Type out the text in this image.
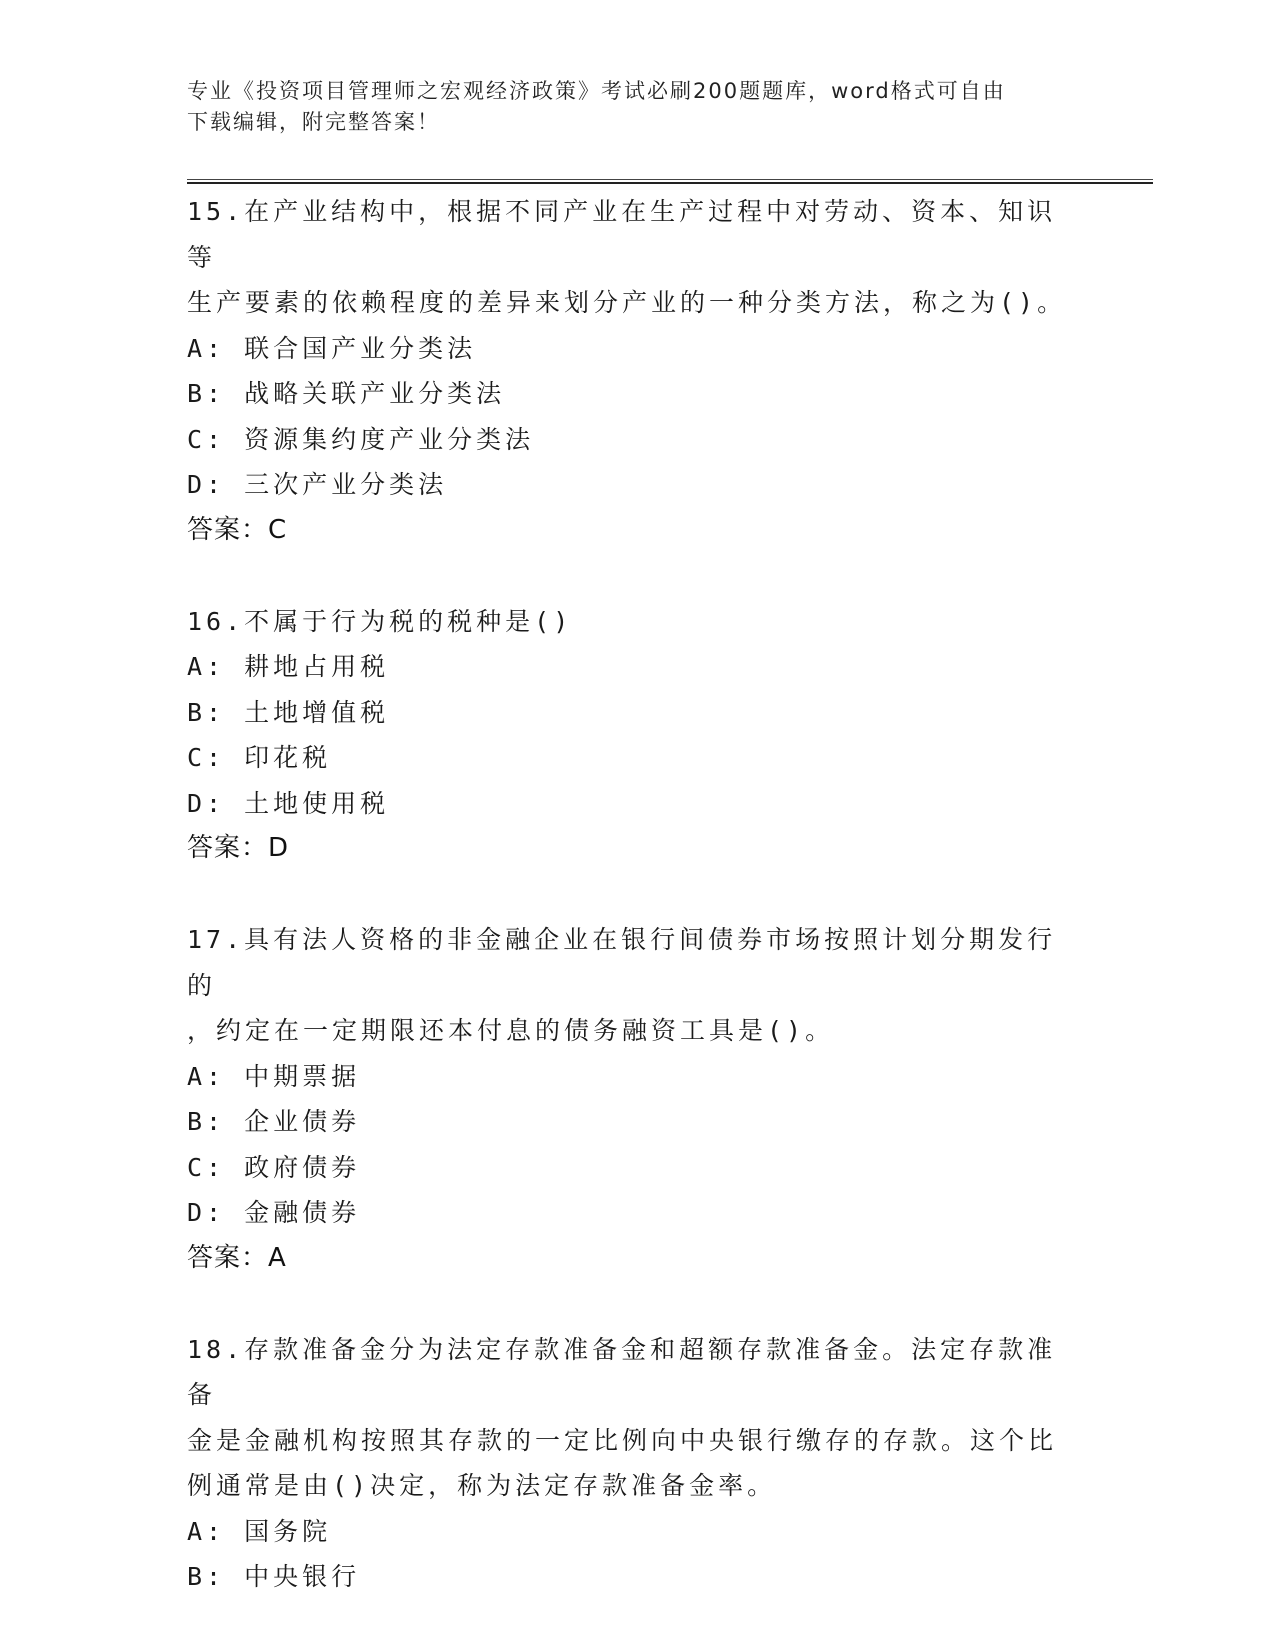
专业《投资项目管理师之宏观经济政策》考试必刷200题题库，word格式可自由
下载编辑，附完整答案！
15.在产业结构中，根据不同产业在生产过程中对劳动、资本、知识等
生产要素的依赖程度的差异来划分产业的一种分类方法，称之为()。
A: 联合国产业分类法
B: 战略关联产业分类法
C: 资源集约度产业分类法
D: 三次产业分类法
答案：C
16.不属于行为税的税种是()
A: 耕地占用税
B: 土地增值税
C: 印花税
D: 土地使用税
答案：D
17.具有法人资格的非金融企业在银行间债券市场按照计划分期发行的
，约定在一定期限还本付息的债务融资工具是()。
A: 中期票据
B: 企业债券
C: 政府债券
D: 金融债券
答案：A
18.存款准备金分为法定存款准备金和超额存款准备金。法定存款准备
金是金融机构按照其存款的一定比例向中央银行缴存的存款。这个比
例通常是由()决定，称为法定存款准备金率。
A: 国务院
B: 中央银行
